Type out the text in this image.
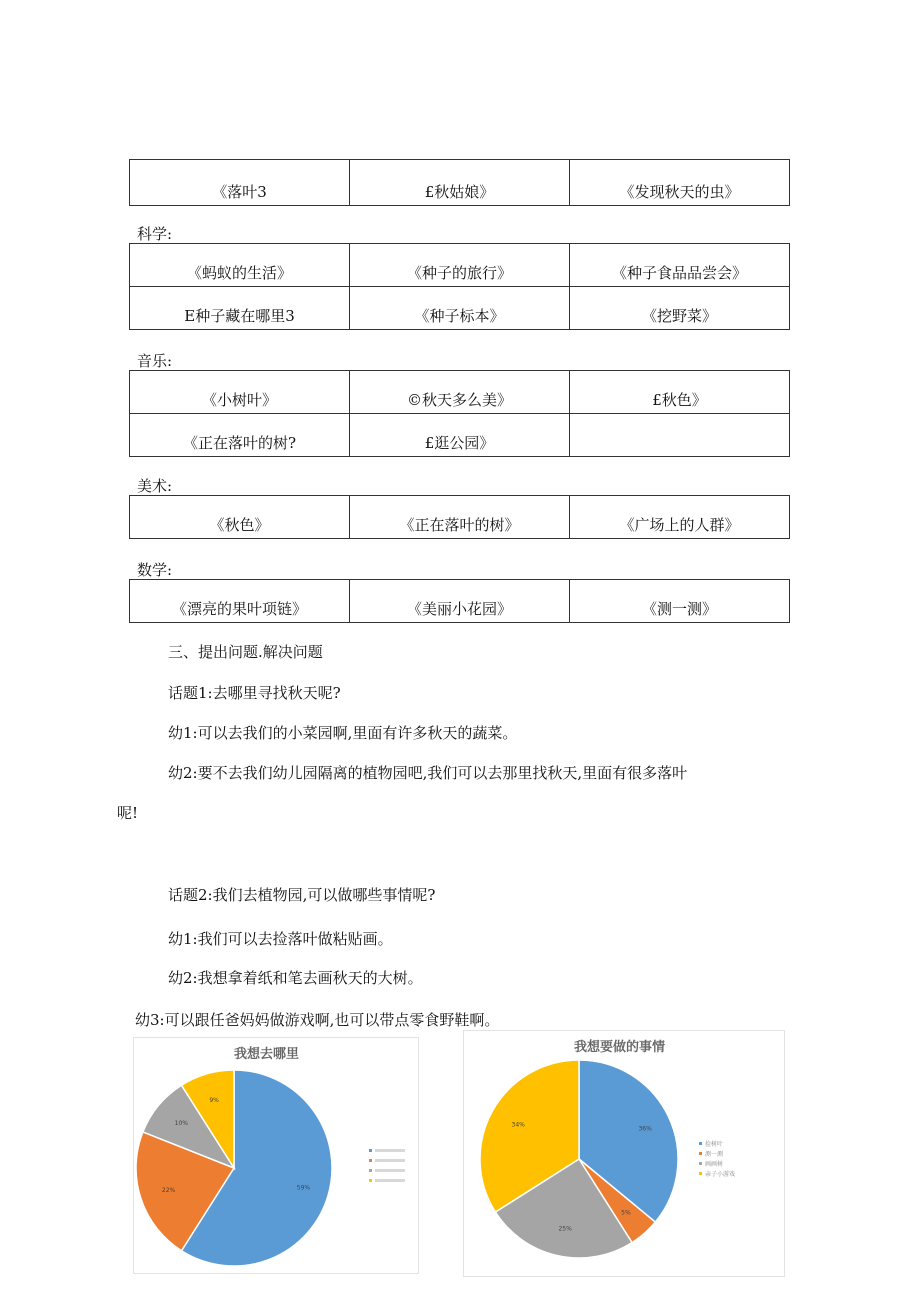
《落叶3	£秋姑娘》	《发现秋天的虫》
科学:
《蚂蚁的生活》	《种子的旅行》	《种子食品品尝会》
E种子藏在哪里3	《种子标本》	《挖野菜》
音乐:
《小树叶》	©秋天多么美》	£秋色》
《正在落叶的树?	£逛公园》	
美术:
《秋色》	《正在落叶的树》	《广场上的人群》
数学:
《漂亮的果叶项链》	《美丽小花园》	《测一测》
三、提出问题.解决问题
话题1:去哪里寻找秋天呢?
幼1:可以去我们的小菜园啊,里面有许多秋天的蔬菜。
幼2:要不去我们幼儿园隔离的植物园吧,我们可以去那里找秋天,里面有很多落叶
呢!
话题2:我们去植物园,可以做哪些事情呢?
幼1:我们可以去捡落叶做粘贴画。
幼2:我想拿着纸和笔去画秋天的大树。
幼3:可以跟任爸妈妈做游戏啊,也可以带点零食野鞋啊。
我想去哪里
59%
22%
10%
9%
我想要做的事情
36%
5%
25%
34%
捡树叶
测一测
画画树
亲子小游戏
